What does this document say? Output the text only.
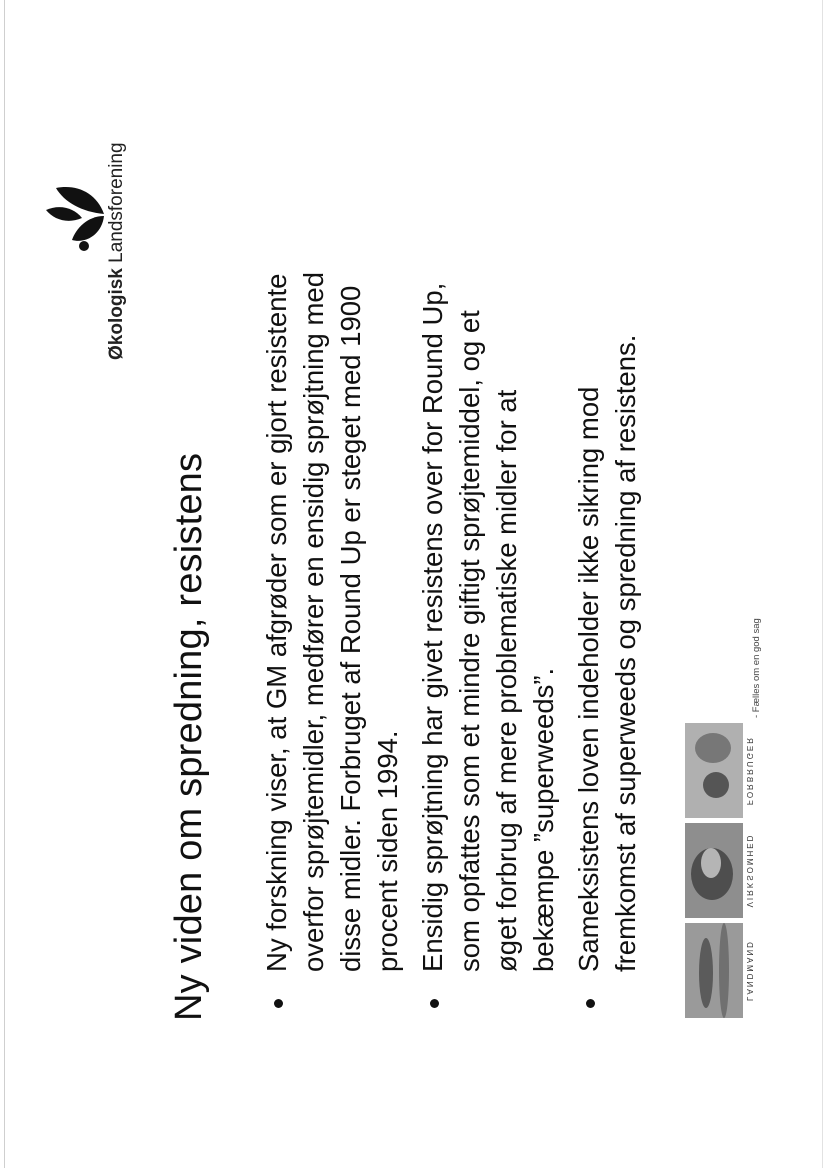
Ny viden om spredning, resistens Ny forskning viser, at GM afgrøder som er gjort resistente overfor sprøjtemidler, medfører en ensidig sprøjtning med disse midler. Forbruget af Round Up er steget med 1900 procent siden 1994. Ensidig sprøjtning har givet resistens over for Round Up, som opfattes som et mindre giftigt sprøjtemiddel, og et øget forbrug af mere problematiske midler for at bekæmpe ”superweeds”. Sameksistens loven indeholder ikke sikring mod fremkomst af superweeds og spredning af resistens.
Økologisk Landsforening
LANDMAND
VIRKSOMHED
FORBRUGER
- Fælles om en god sag
